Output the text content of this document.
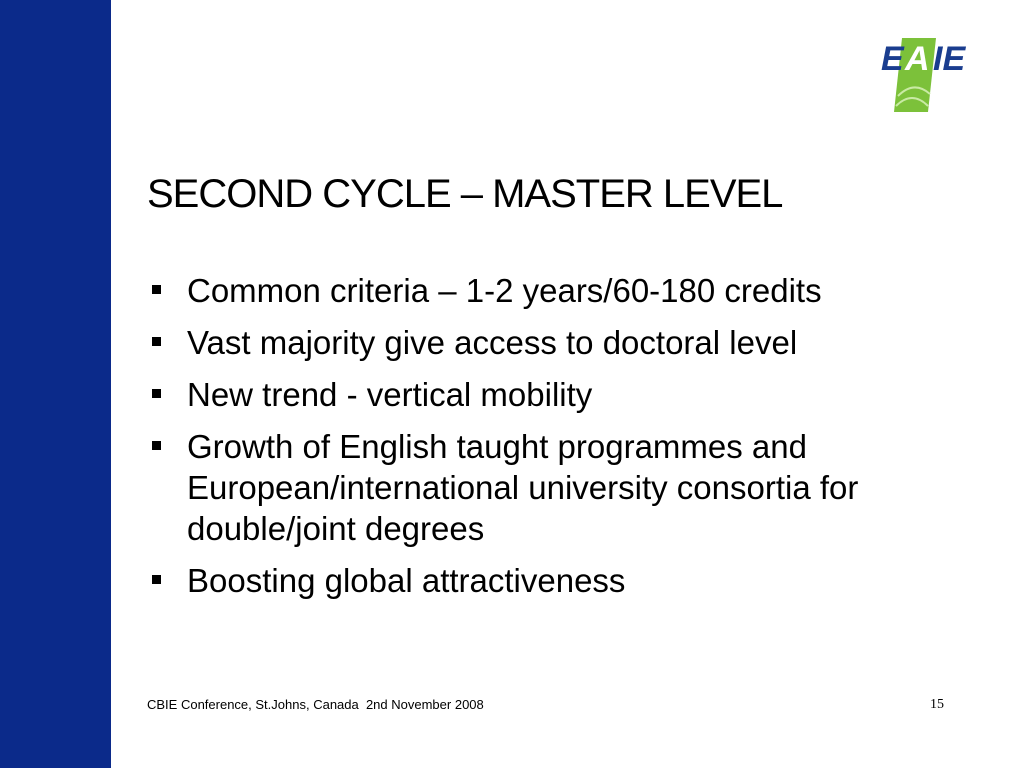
E A IE
SECOND CYCLE – MASTER LEVEL
Common criteria – 1-2 years/60-180 credits
Vast majority give access to doctoral level
New trend - vertical mobility
Growth of English taught programmes and European/international university consortia for double/joint degrees
Boosting global attractiveness
CBIE Conference, St.Johns, Canada  2nd November 2008	15
